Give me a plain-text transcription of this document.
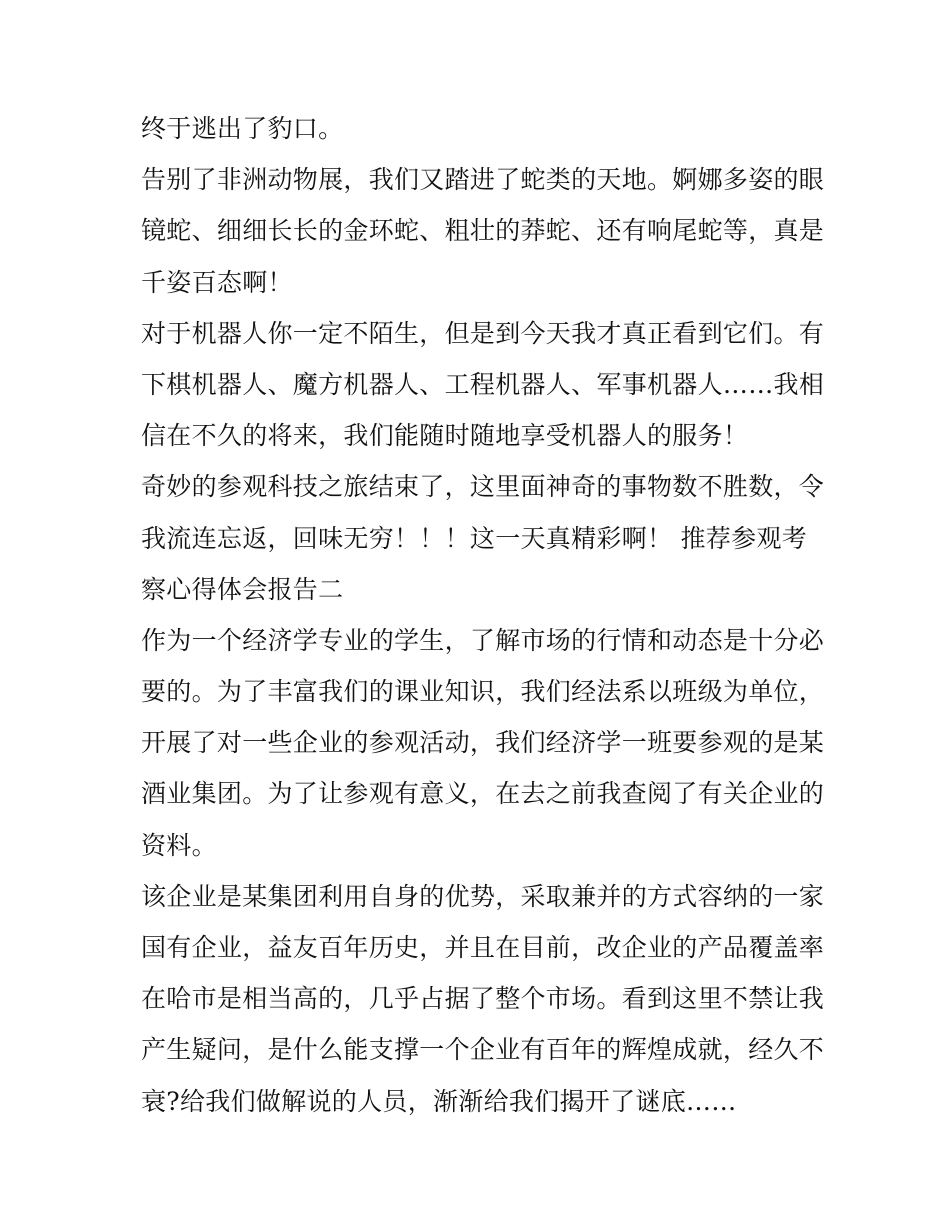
终于逃出了豹口。
告别了非洲动物展，我们又踏进了蛇类的天地。婀娜多姿的眼
镜蛇、细细长长的金环蛇、粗壮的莽蛇、还有响尾蛇等，真是
千姿百态啊！
对于机器人你一定不陌生，但是到今天我才真正看到它们。有
下棋机器人、魔方机器人、工程机器人、军事机器人……我相
信在不久的将来，我们能随时随地享受机器人的服务！
奇妙的参观科技之旅结束了，这里面神奇的事物数不胜数，令
我流连忘返，回味无穷！！！这一天真精彩啊！ 推荐参观考
察心得体会报告二
作为一个经济学专业的学生，了解市场的行情和动态是十分必
要的。为了丰富我们的课业知识，我们经法系以班级为单位，
开展了对一些企业的参观活动，我们经济学一班要参观的是某
酒业集团。为了让参观有意义，在去之前我查阅了有关企业的
资料。
该企业是某集团利用自身的优势，采取兼并的方式容纳的一家
国有企业，益友百年历史，并且在目前，改企业的产品覆盖率
在哈市是相当高的，几乎占据了整个市场。看到这里不禁让我
产生疑问，是什么能支撑一个企业有百年的辉煌成就，经久不
衰?给我们做解说的人员，渐渐给我们揭开了谜底……
